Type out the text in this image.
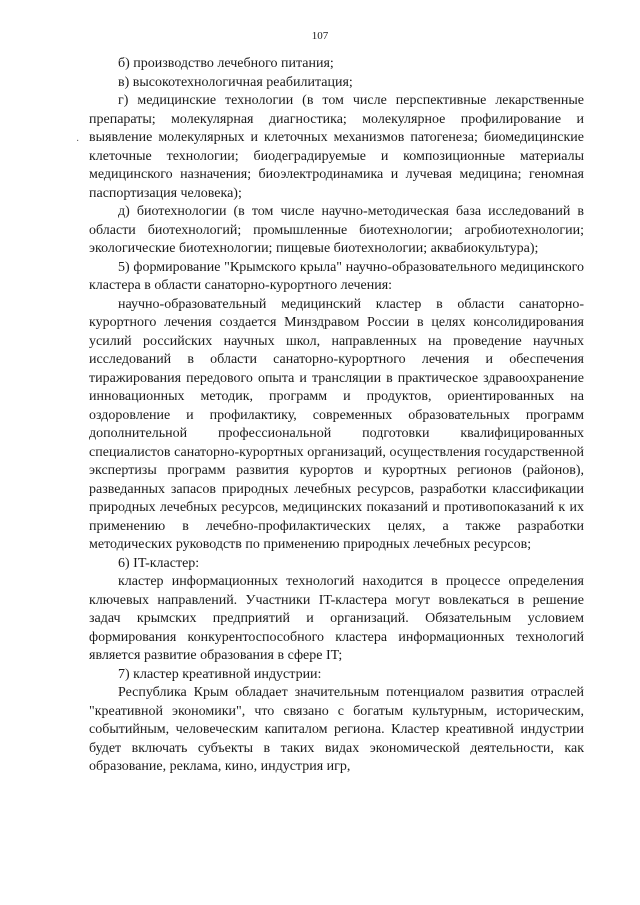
107
·

б) производство лечебного питания;

в) высокотехнологичная реабилитация;

г) медицинские технологии (в том числе перспективные лекарственные препараты; молекулярная диагностика; молекулярное профилирование и выявление молекулярных и клеточных механизмов патогенеза; биомедицинские клеточные технологии; биодеградируемые и композиционные материалы медицинского назначения; биоэлектродинамика и лучевая медицина; геномная паспортизация человека);

д) биотехнологии (в том числе научно-методическая база исследований в области биотехнологий; промышленные биотехнологии; агробиотехнологии; экологические биотехнологии; пищевые биотехнологии; аквабиокультура);

5) формирование "Крымского крыла" научно-образовательного медицинского кластера в области санаторно-курортного лечения:

научно-образовательный медицинский кластер в области санаторно-курортного лечения создается Минздравом России в целях консолидирования усилий российских научных школ, направленных на проведение научных исследований в области санаторно-курортного лечения и обеспечения тиражирования передового опыта и трансляции в практическое здравоохранение инновационных методик, программ и продуктов, ориентированных на оздоровление и профилактику, современных образовательных программ дополнительной профессиональной подготовки квалифицированных специалистов санаторно-курортных организаций, осуществления государственной экспертизы программ развития курортов и курортных регионов (районов), разведанных запасов природных лечебных ресурсов, разработки классификации природных лечебных ресурсов, медицинских показаний и противопоказаний к их применению в лечебно-профилактических целях, а также разработки методических руководств по применению природных лечебных ресурсов;

6) IT-кластер:

кластер информационных технологий находится в процессе определения ключевых направлений. Участники IT-кластера могут вовлекаться в решение задач крымских предприятий и организаций. Обязательным условием формирования конкурентоспособного кластера информационных технологий является развитие образования в сфере IT;

7) кластер креативной индустрии:

Республика Крым обладает значительным потенциалом развития отраслей "креативной экономики", что связано с богатым культурным, историческим, событийным, человеческим капиталом региона. Кластер креативной индустрии будет включать субъекты в таких видах экономической деятельности, как образование, реклама, кино, индустрия игр,
